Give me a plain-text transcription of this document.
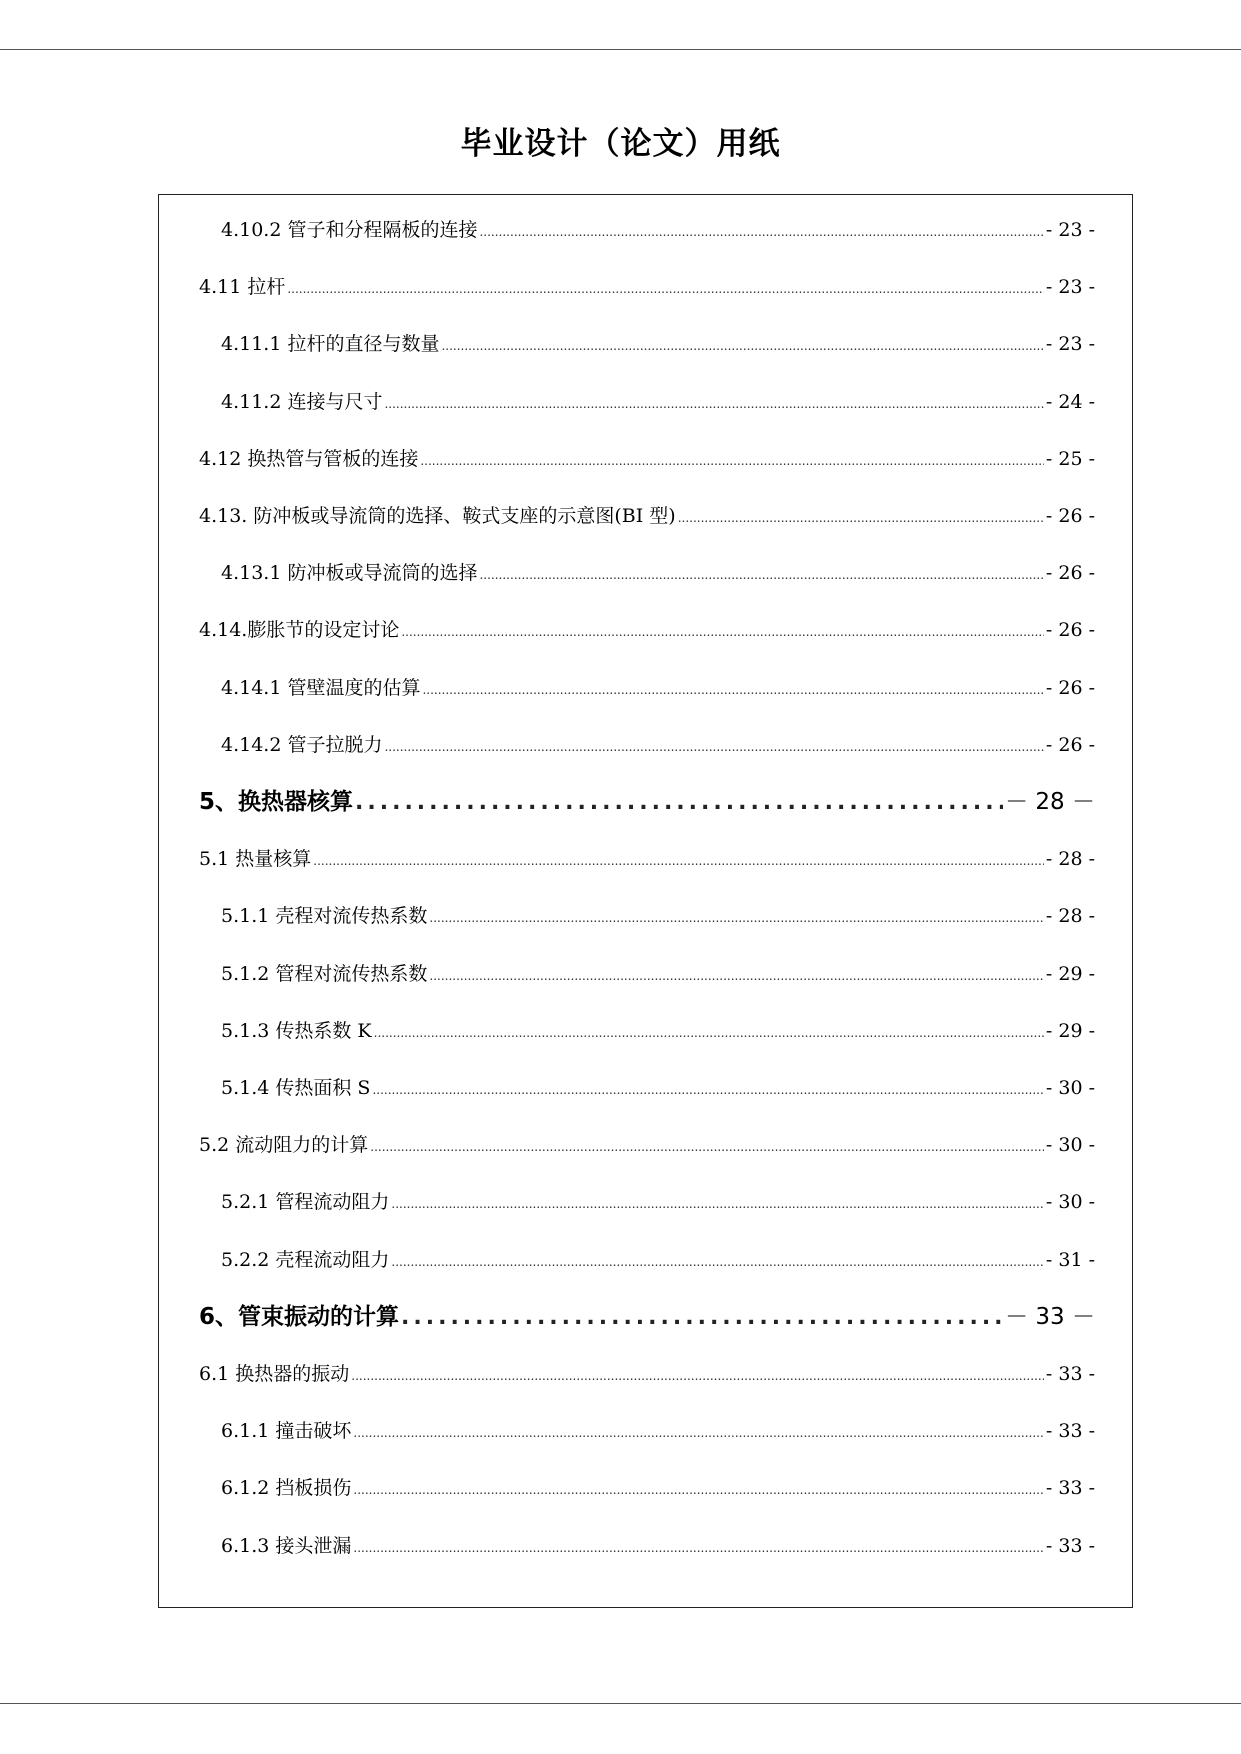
毕业设计（论文）用纸
4.10.2 管子和分程隔板的连接 .....	- 23 -
4.11 拉杆 .....	- 23 -
4.11.1 拉杆的直径与数量 .....	- 23 -
4.11.2 连接与尺寸 .....	- 24 -
4.12 换热管与管板的连接 .....	- 25 -
4.13. 防冲板或导流筒的选择、鞍式支座的示意图(BI 型) .....	- 26 -
4.13.1 防冲板或导流筒的选择 .....	- 26 -
4.14.膨胀节的设定讨论 .....	- 26 -
4.14.1 管壁温度的估算 .....	- 26 -
4.14.2 管子拉脱力 .....	- 26 -
5、换热器核算 .....	－ 28 －
5.1 热量核算 .....	- 28 -
5.1.1 壳程对流传热系数 .....	- 28 -
5.1.2 管程对流传热系数 .....	- 29 -
5.1.3 传热系数 K .....	- 29 -
5.1.4 传热面积 S .....	- 30 -
5.2 流动阻力的计算 .....	- 30 -
5.2.1 管程流动阻力 .....	- 30 -
5.2.2 壳程流动阻力 .....	- 31 -
6、管束振动的计算 .....	－ 33 －
6.1 换热器的振动 .....	- 33 -
6.1.1 撞击破坏 .....	- 33 -
6.1.2 挡板损伤 .....	- 33 -
6.1.3 接头泄漏 .....	- 33 -
